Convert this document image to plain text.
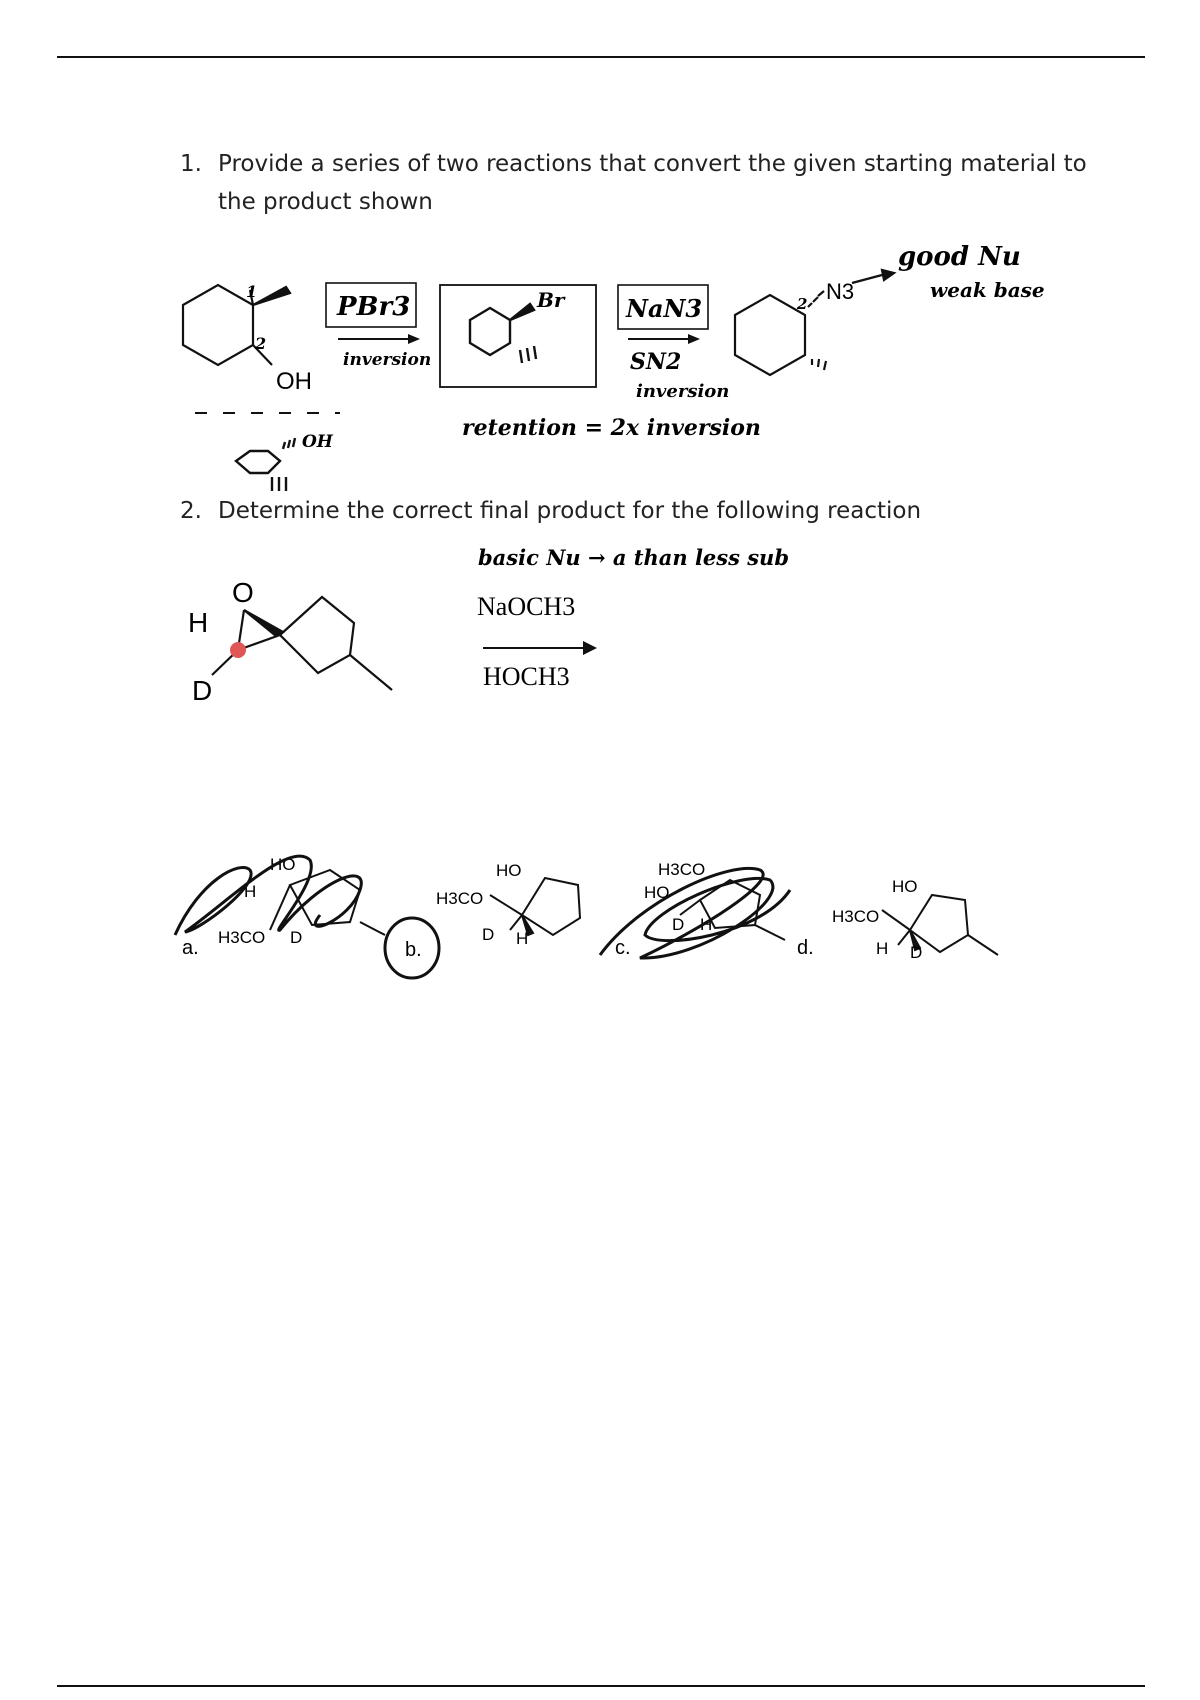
1. Provide a series of two reactions that convert the given starting material to the product shown
1
2
OH
PBr3
inversion
Br	NaN3
SN2
inversion
2 N3
good Nu
weak base
retention = 2x inversion
OH
2. Determine the correct final product for the following reaction
basic Nu → a than less sub
O
H
D
NaOCH3
HOCH3
a.
HO
H
H3CO D
b.
HO
H3CO
D H	c.
H3CO
HO
D H
d.
HO
H3CO
H D
